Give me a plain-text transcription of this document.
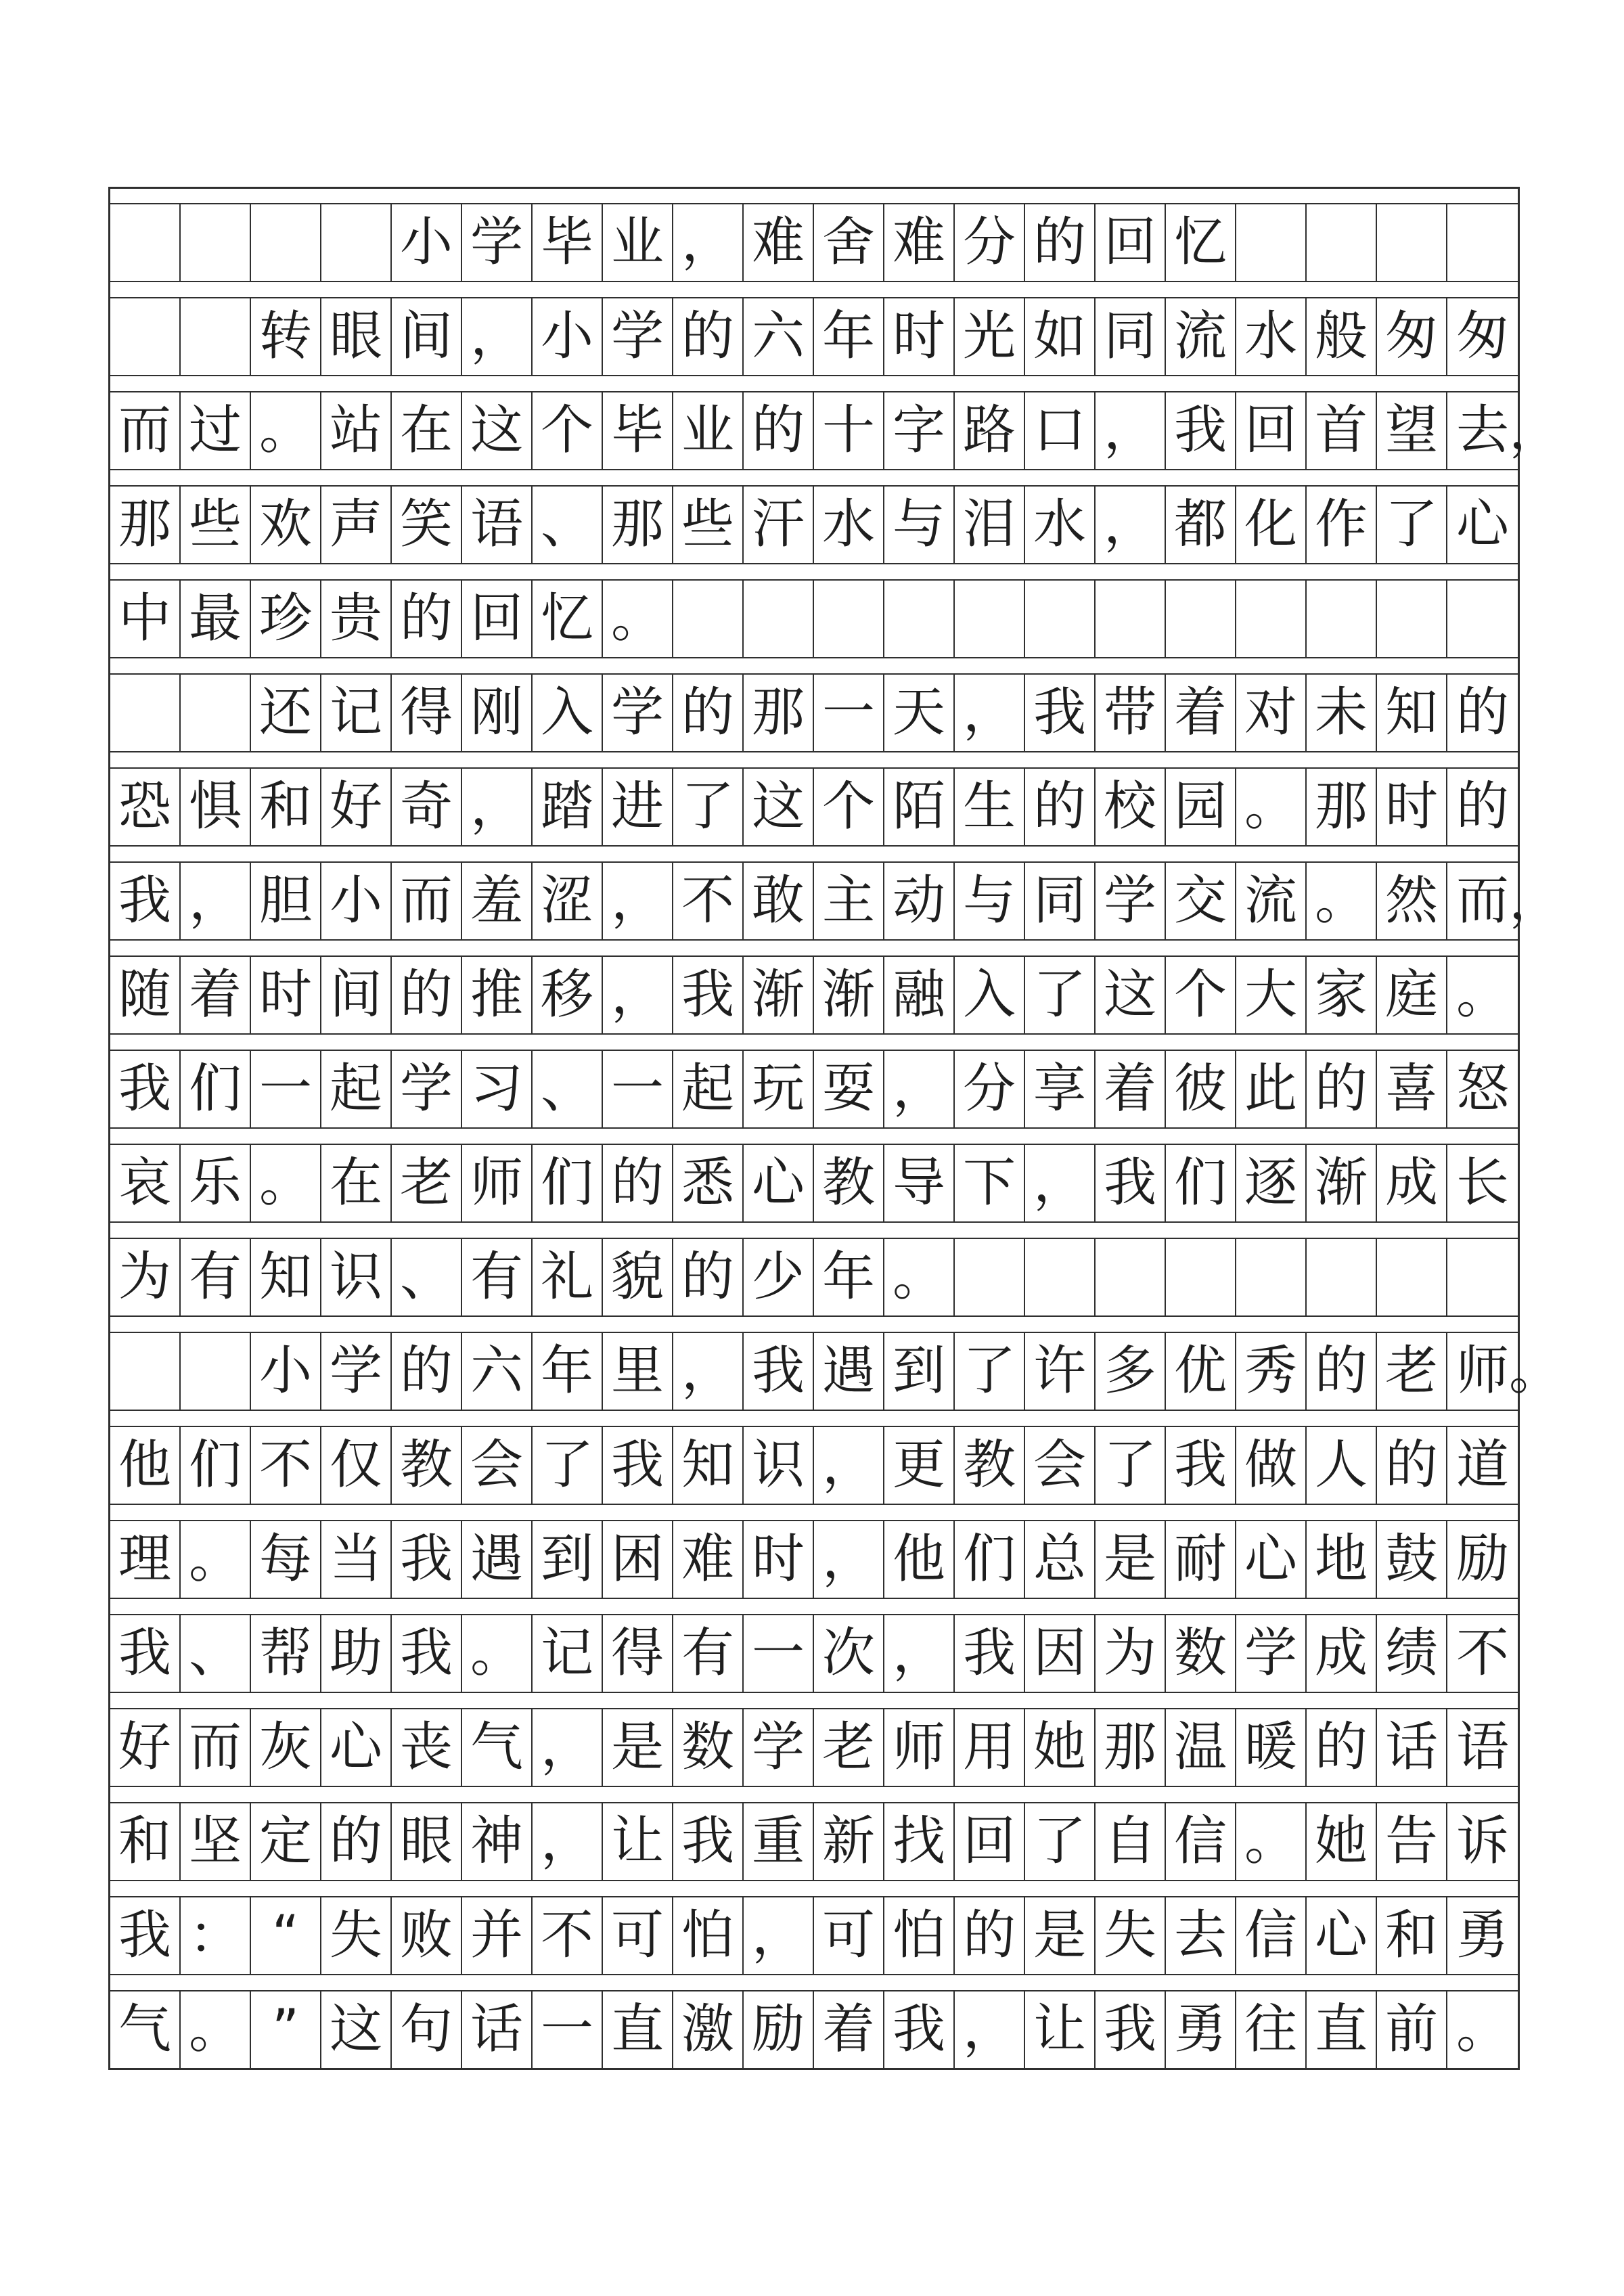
小 学 毕 业 ， 难 舍 难 分 的 回 忆
转 眼 间 ， 小 学 的 六 年 时 光 如 同 流 水 般 匆 匆
而 过 。 站 在 这 个 毕 业 的 十 字 路 口 ， 我 回 首 望 去，
那 些 欢 声 笑 语 、 那 些 汗 水 与 泪 水 ， 都 化 作 了 心
中 最 珍 贵 的 回 忆 。
还 记 得 刚 入 学 的 那 一 天 ， 我 带 着 对 未 知 的
恐 惧 和 好 奇 ， 踏 进 了 这 个 陌 生 的 校 园 。 那 时 的
我 ， 胆 小 而 羞 涩 ， 不 敢 主 动 与 同 学 交 流 。 然 而，
随 着 时 间 的 推 移 ， 我 渐 渐 融 入 了 这 个 大 家 庭 。
我 们 一 起 学 习 、 一 起 玩 耍 ， 分 享 着 彼 此 的 喜 怒
哀 乐 。 在 老 师 们 的 悉 心 教 导 下 ， 我 们 逐 渐 成 长
为 有 知 识 、 有 礼 貌 的 少 年 。
小 学 的 六 年 里 ， 我 遇 到 了 许 多 优 秀 的 老 师。
他 们 不 仅 教 会 了 我 知 识 ， 更 教 会 了 我 做 人 的 道
理 。 每 当 我 遇 到 困 难 时 ， 他 们 总 是 耐 心 地 鼓 励
我 、 帮 助 我 。 记 得 有 一 次 ， 我 因 为 数 学 成 绩 不
好 而 灰 心 丧 气 ， 是 数 学 老 师 用 她 那 温 暖 的 话 语
和 坚 定 的 眼 神 ， 让 我 重 新 找 回 了 自 信 。 她 告 诉
我 ： “ 失 败 并 不 可 怕 ， 可 怕 的 是 失 去 信 心 和 勇
气 。 ” 这 句 话 一 直 激 励 着 我 ， 让 我 勇 往 直 前 。
